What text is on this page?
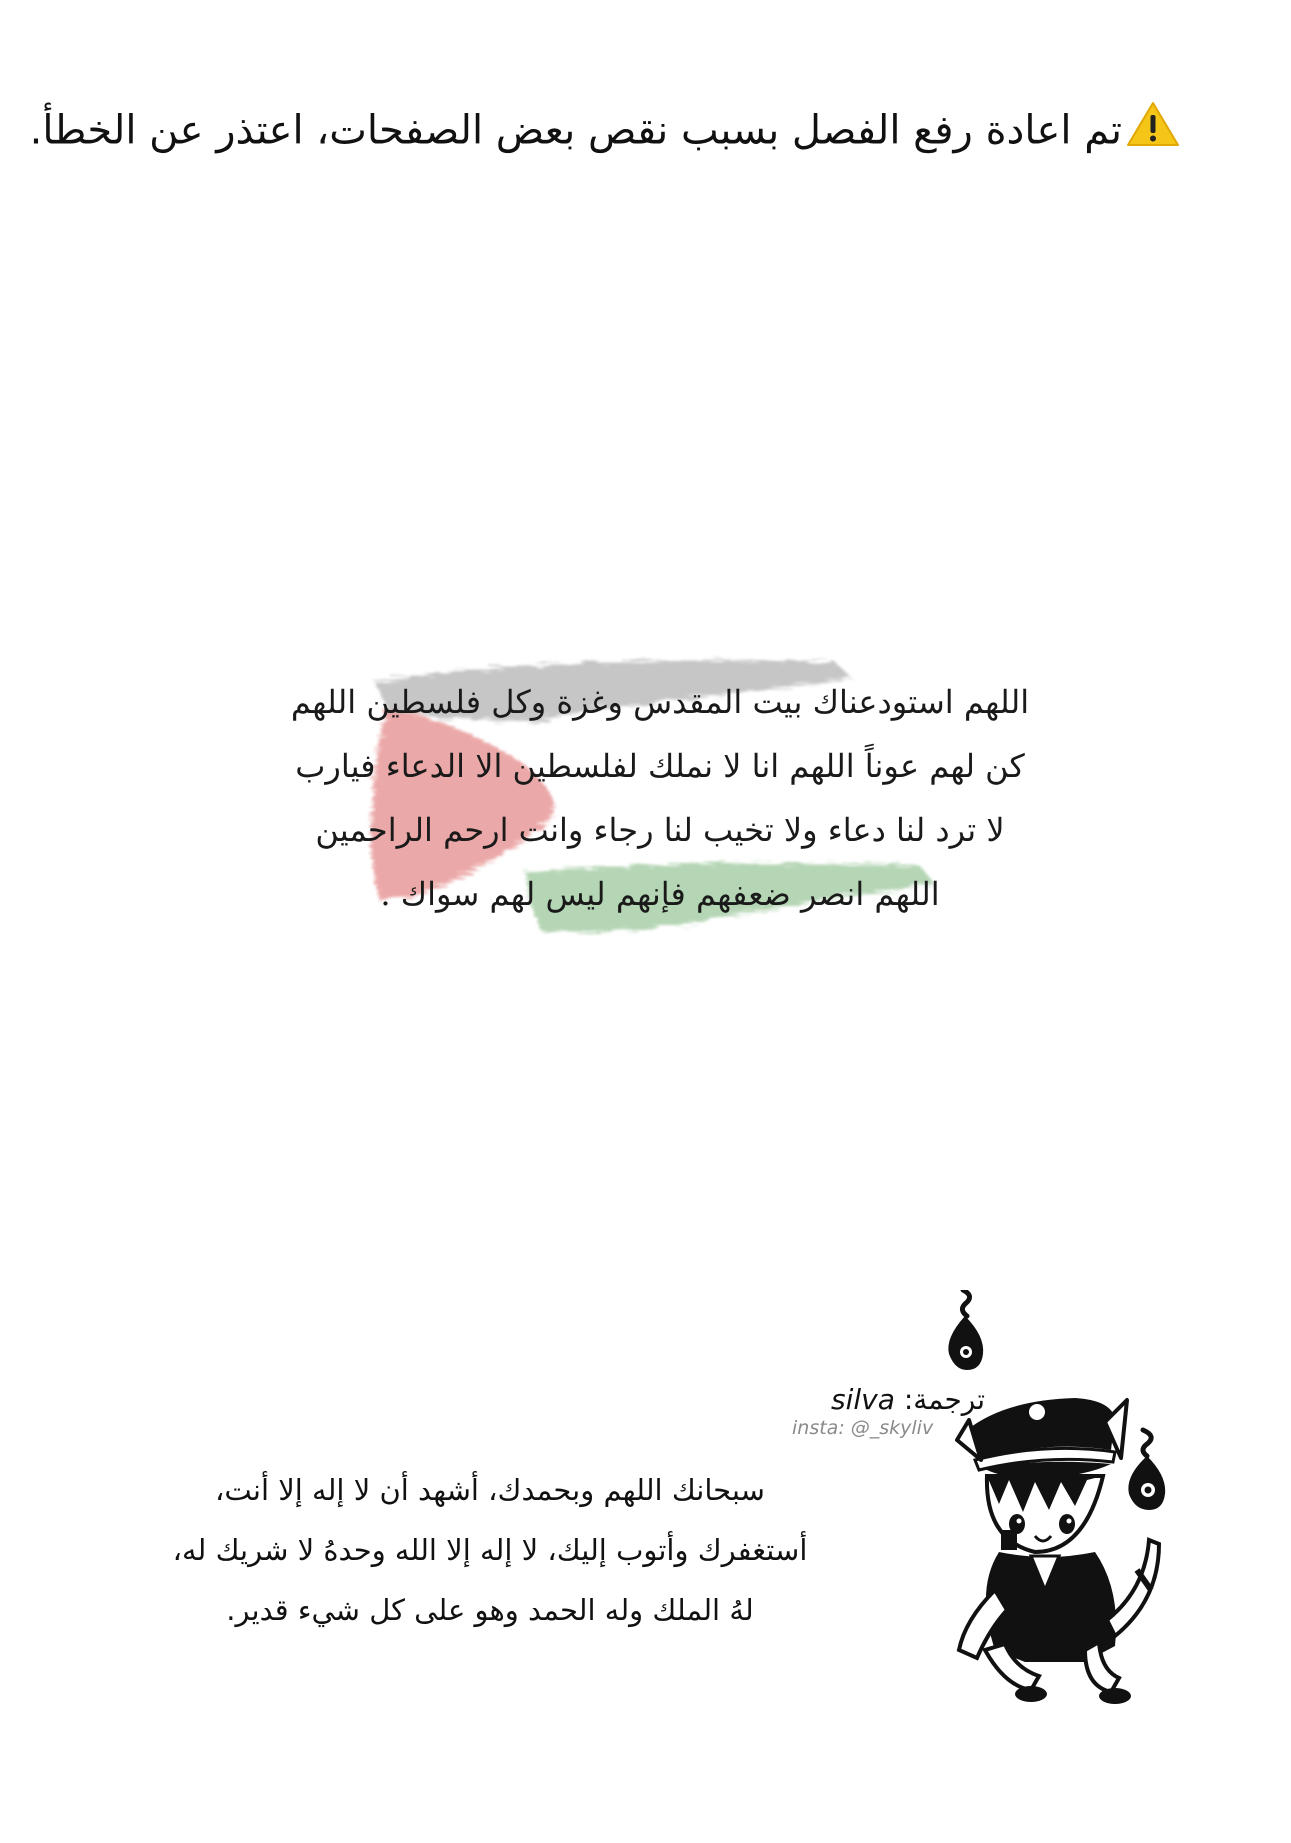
تم اعادة رفع الفصل بسبب نقص بعض الصفحات، اعتذر عن الخطأ.
اللهم استودعناك بيت المقدس وغزة وكل فلسطين اللهم
كن لهم عوناً اللهم انا لا نملك لفلسطين الا الدعاء فيارب
لا ترد لنا دعاء ولا تخيب لنا رجاء وانت ارحم الراحمين
اللهم انصر ضعفهم فإنهم ليس لهم سواك .
ترجمة: silva
insta: @_skyliv
سبحانك اللهم وبحمدك، أشهد أن لا إله إلا أنت،
أستغفرك وأتوب إليك، لا إله إلا الله وحدهُ لا شريك له،
لهُ الملك وله الحمد وهو على كل شيء قدير.
